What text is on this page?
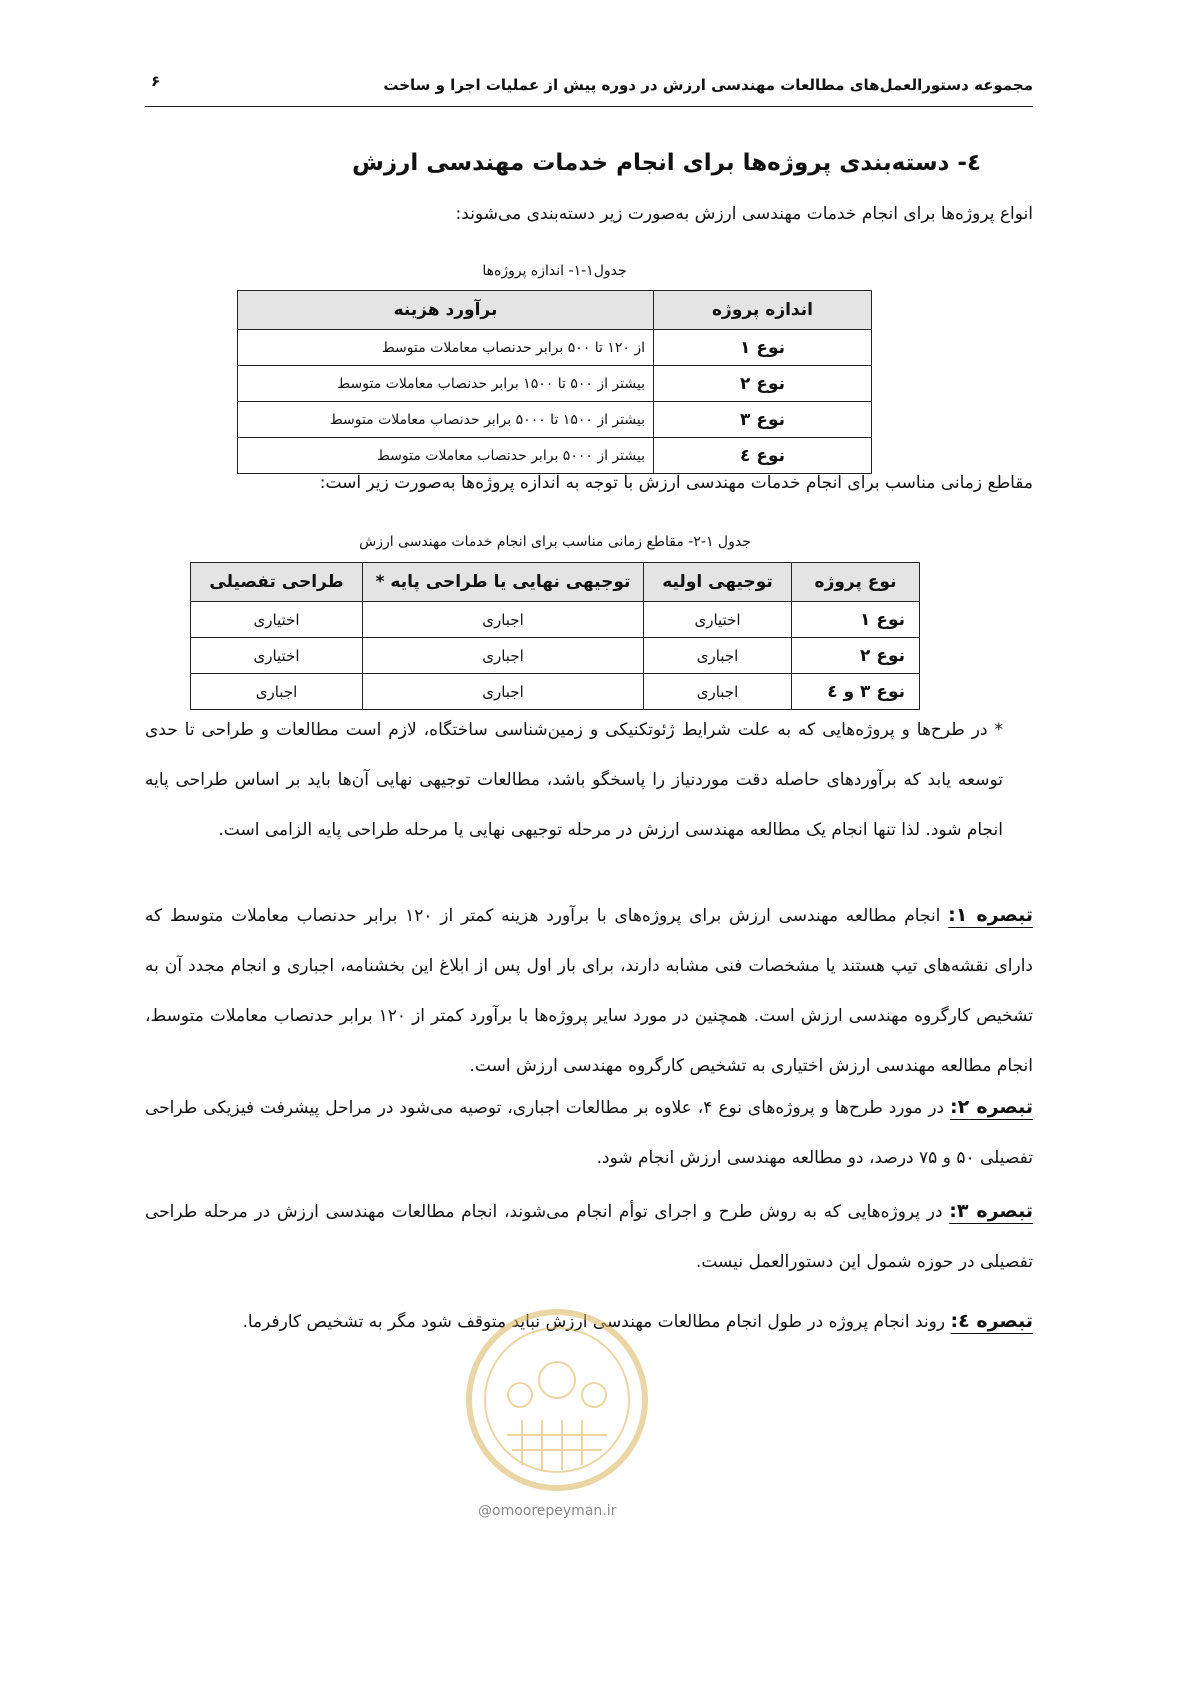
مجموعه دستورالعمل‌های مطالعات مهندسی ارزش در دوره پیش از عملیات اجرا و ساخت
۶
٤- دسته‌بندی پروژه‌ها برای انجام خدمات مهندسی ارزش
انواع پروژه‌ها برای انجام خدمات مهندسی ارزش به‌صورت زیر دسته‌بندی می‌شوند:
جدول۱-۱- اندازه پروژه‌ها
اندازه پروژه	برآورد هزینه
نوع ۱	از ۱۲۰ تا ۵۰۰ برابر حدنصاب معاملات متوسط
نوع ۲	بیشتر از ۵۰۰ تا ۱۵۰۰ برابر حدنصاب معاملات متوسط
نوع ۳	بیشتر از ۱۵۰۰ تا ۵۰۰۰ برابر حدنصاب معاملات متوسط
نوع ٤	بیشتر از ۵۰۰۰ برابر حدنصاب معاملات متوسط
مقاطع زمانی مناسب برای انجام خدمات مهندسی ارزش با توجه به اندازه پروژه‌ها به‌صورت زیر است:
جدول ۱-۲- مقاطع زمانی مناسب برای انجام خدمات مهندسی ارزش
نوع پروژه	توجیهی اولیه	توجیهی نهایی یا طراحی پایه *	طراحی تفصیلی
نوع ۱	اختیاری	اجباری	اختیاری
نوع ۲	اجباری	اجباری	اختیاری
نوع ۳ و ٤	اجباری	اجباری	اجباری
* در طرح‌ها و پروژه‌هایی که به علت شرایط ژئوتکنیکی و زمین‌شناسی ساختگاه، لازم است مطالعات و طراحی تا حدی توسعه یابد که برآوردهای حاصله دقت موردنیاز را پاسخگو باشد، مطالعات توجیهی نهایی آن‌ها باید بر اساس طراحی پایه انجام شود. لذا تنها انجام یک مطالعه مهندسی ارزش در مرحله توجیهی نهایی یا مرحله طراحی پایه الزامی است.
تبصره ۱: انجام مطالعه مهندسی ارزش برای پروژه‌های با برآورد هزینه کمتر از ۱۲۰ برابر حدنصاب معاملات متوسط که دارای نقشه‌های تیپ هستند یا مشخصات فنی مشابه دارند، برای بار اول پس از ابلاغ این بخشنامه، اجباری و انجام مجدد آن به تشخیص کارگروه مهندسی ارزش است. همچنین در مورد سایر پروژه‌ها با برآورد کمتر از ۱۲۰ برابر حدنصاب معاملات متوسط، انجام مطالعه مهندسی ارزش اختیاری به تشخیص کارگروه مهندسی ارزش است.
تبصره ۲: در مورد طرح‌ها و پروژه‌های نوع ۴، علاوه بر مطالعات اجباری، توصیه می‌شود در مراحل پیشرفت فیزیکی طراحی تفصیلی ۵۰ و ۷۵ درصد، دو مطالعه مهندسی ارزش انجام شود.
تبصره ۳: در پروژه‌هایی که به روش طرح و اجرای توأم انجام می‌شوند، انجام مطالعات مهندسی ارزش در مرحله طراحی تفصیلی در حوزه شمول این دستورالعمل نیست.
تبصره ٤: روند انجام پروژه در طول انجام مطالعات مهندسی ارزش نباید متوقف شود مگر به تشخیص کارفرما.
@omoorepeyman.ir
